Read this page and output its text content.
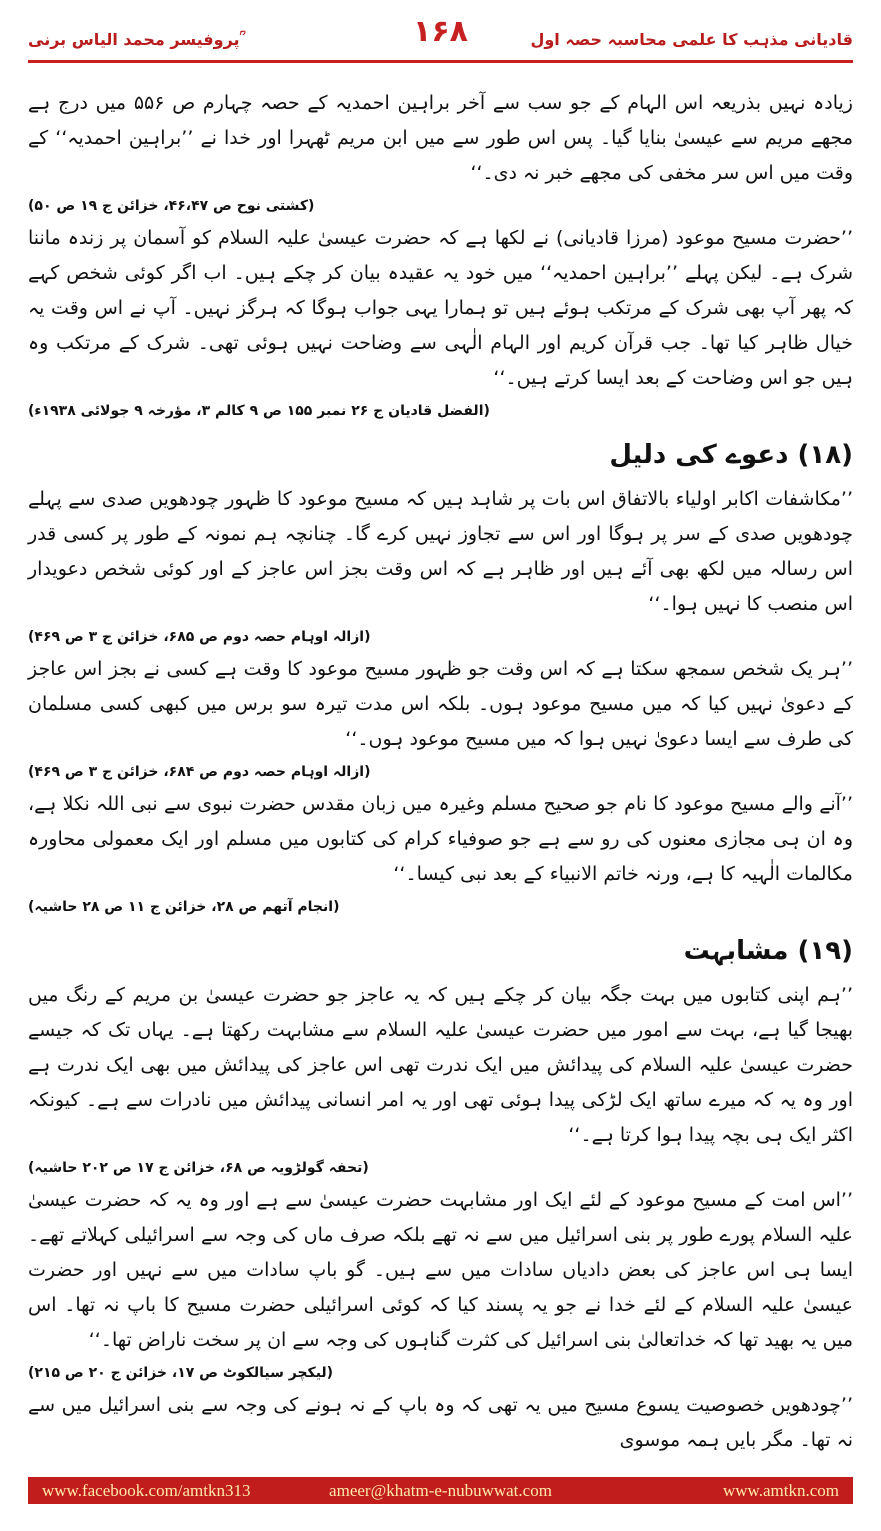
پروفیسر محمد الیاس برنی ؒ	۱۶۸	قادیانی مذہب کا علمی محاسبہ حصہ اول

زیادہ نہیں بذریعہ اس الہام کے جو سب سے آخر براہین احمدیہ کے حصہ چہارم ص ۵۵۶ میں درج ہے مجھے مریم سے عیسیٰ بنایا گیا۔ پس اس طور سے میں ابن مریم ٹھہرا اور خدا نے ’’براہین احمدیہ‘‘ کے وقت میں اس سر مخفی کی مجھے خبر نہ دی۔‘‘

(کشتی نوح ص ۴۶،۴۷، خزائن ج ۱۹ ص ۵۰)

’’حضرت مسیح موعود (مرزا قادیانی) نے لکھا ہے کہ حضرت عیسیٰ علیہ السلام کو آسمان پر زندہ ماننا شرک ہے۔ لیکن پہلے ’’براہین احمدیہ‘‘ میں خود یہ عقیدہ بیان کر چکے ہیں۔ اب اگر کوئی شخص کہے کہ پھر آپ بھی شرک کے مرتکب ہوئے ہیں تو ہمارا یہی جواب ہوگا کہ ہرگز نہیں۔ آپ نے اس وقت یہ خیال ظاہر کیا تھا۔ جب قرآن کریم اور الہام الٰہی سے وضاحت نہیں ہوئی تھی۔ شرک کے مرتکب وہ ہیں جو اس وضاحت کے بعد ایسا کرتے ہیں۔‘‘

(الفضل قادیان ج ۲۶ نمبر ۱۵۵ ص ۹ کالم ۳، مؤرخہ ۹ جولائی ۱۹۳۸ء)
(۱۸) دعوے کی دلیل

’’مکاشفات اکابر اولیاء بالاتفاق اس بات پر شاہد ہیں کہ مسیح موعود کا ظہور چودھویں صدی سے پہلے چودھویں صدی کے سر پر ہوگا اور اس سے تجاوز نہیں کرے گا۔ چنانچہ ہم نمونہ کے طور پر کسی قدر اس رسالہ میں لکھ بھی آئے ہیں اور ظاہر ہے کہ اس وقت بجز اس عاجز کے اور کوئی شخص دعویدار اس منصب کا نہیں ہوا۔‘‘

(ازالہ اوہام حصہ دوم ص ۶۸۵، خزائن ج ۳ ص ۴۶۹)

’’ہر یک شخص سمجھ سکتا ہے کہ اس وقت جو ظہور مسیح موعود کا وقت ہے کسی نے بجز اس عاجز کے دعویٰ نہیں کیا کہ میں مسیح موعود ہوں۔ بلکہ اس مدت تیرہ سو برس میں کبھی کسی مسلمان کی طرف سے ایسا دعویٰ نہیں ہوا کہ میں مسیح موعود ہوں۔‘‘

(ازالہ اوہام حصہ دوم ص ۶۸۴، خزائن ج ۳ ص ۴۶۹)

’’آنے والے مسیح موعود کا نام جو صحیح مسلم وغیرہ میں زبان مقدس حضرت نبوی سے نبی اللہ نکلا ہے، وہ ان ہی مجازی معنوں کی رو سے ہے جو صوفیاء کرام کی کتابوں میں مسلم اور ایک معمولی محاورہ مکالمات الٰہیہ کا ہے، ورنہ خاتم الانبیاء کے بعد نبی کیسا۔‘‘

(انجام آتھم ص ۲۸، خزائن ج ۱۱ ص ۲۸ حاشیہ)
(۱۹) مشابہت

’’ہم اپنی کتابوں میں بہت جگہ بیان کر چکے ہیں کہ یہ عاجز جو حضرت عیسیٰ بن مریم کے رنگ میں بھیجا گیا ہے، بہت سے امور میں حضرت عیسیٰ علیہ السلام سے مشابہت رکھتا ہے۔ یہاں تک کہ جیسے حضرت عیسیٰ علیہ السلام کی پیدائش میں ایک ندرت تھی اس عاجز کی پیدائش میں بھی ایک ندرت ہے اور وہ یہ کہ میرے ساتھ ایک لڑکی پیدا ہوئی تھی اور یہ امر انسانی پیدائش میں نادرات سے ہے۔ کیونکہ اکثر ایک ہی بچہ پیدا ہوا کرتا ہے۔‘‘

(تحفہ گولڑویہ ص ۶۸، خزائن ج ۱۷ ص ۲۰۲ حاشیہ)

’’اس امت کے مسیح موعود کے لئے ایک اور مشابہت حضرت عیسیٰ سے ہے اور وہ یہ کہ حضرت عیسیٰ علیہ السلام پورے طور پر بنی اسرائیل میں سے نہ تھے بلکہ صرف ماں کی وجہ سے اسرائیلی کہلاتے تھے۔ ایسا ہی اس عاجز کی بعض دادیاں سادات میں سے ہیں۔ گو باپ سادات میں سے نہیں اور حضرت عیسیٰ علیہ السلام کے لئے خدا نے جو یہ پسند کیا کہ کوئی اسرائیلی حضرت مسیح کا باپ نہ تھا۔ اس میں یہ بھید تھا کہ خداتعالیٰ بنی اسرائیل کی کثرت گناہوں کی وجہ سے ان پر سخت ناراض تھا۔‘‘

(لیکچر سیالکوٹ ص ۱۷، خزائن ج ۲۰ ص ۲۱۵)

’’چودھویں خصوصیت یسوع مسیح میں یہ تھی کہ وہ باپ کے نہ ہونے کی وجہ سے بنی اسرائیل میں سے نہ تھا۔ مگر بایں ہمہ موسوی

www.facebook.com/amtkn313	ameer@khatm-e-nubuwwat.com	www.amtkn.com
